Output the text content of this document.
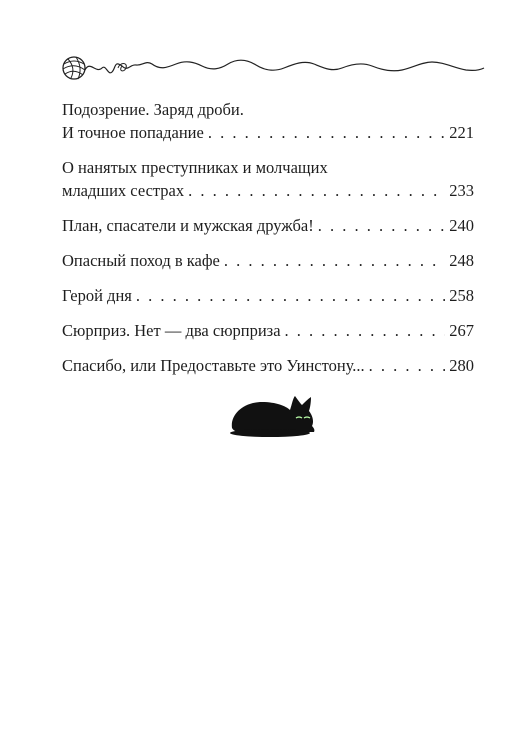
Подозрение. Заряд дроби.
И точное попадание . . .	221
О нанятых преступниках и молчащих
младших сестрах . . .	233
План, спасатели и мужская дружба! . . .	240
Опасный поход в кафе . . .	248
Герой дня . . .	258
Сюрприз. Нет — два сюрприза . . .	267
Спасибо, или Предоставьте это Уинстону... . . .	280
